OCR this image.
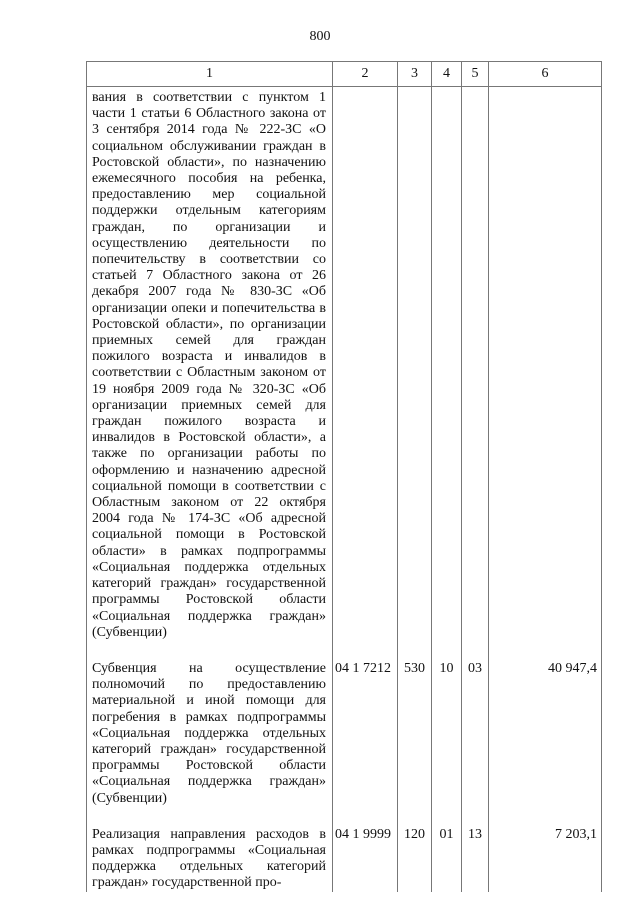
800
1	2	3	4	5	6
вания в соответствии с пунктом 1 части 1 статьи 6 Областного закона от 3 сентября 2014 года № 222-ЗС «О социальном обслуживании граждан в Ростовской области», по назначению ежемесячного пособия на ребенка, предоставлению мер социальной поддержки отдельным категориям граждан, по организации и осуществлению деятельности по попечительству в соответствии со статьей 7 Областного закона от 26 декабря 2007 года № 830-ЗС «Об организации опеки и попечительства в Ростовской области», по организации приемных семей для граждан пожилого возраста и инвалидов в соответствии с Областным законом от 19 ноября 2009 года № 320-ЗС «Об организации приемных семей для граждан пожилого возраста и инвалидов в Ростовской области», а также по организации работы по оформлению и назначению адресной социальной помощи в соответствии с Областным законом от 22 октября 2004 года № 174-ЗС «Об адресной социальной помощи в Ростовской области» в рамках подпрограммы «Социальная поддержка отдельных категорий граждан» государственной программы Ростовской области «Социальная поддержка граждан» (Субвенции)					
Субвенция на осуществление полномочий по предоставлению материальной и иной помощи для погребения в рамках подпрограммы «Социальная поддержка отдельных категорий граждан» государственной программы Ростовской области «Социальная поддержка граждан» (Субвенции)	04 1 7212	530	10	03	40 947,4
Реализация направления расходов в рамках подпрограммы «Социальная поддержка отдельных категорий граждан» государственной про-	04 1 9999	120	01	13	7 203,1
